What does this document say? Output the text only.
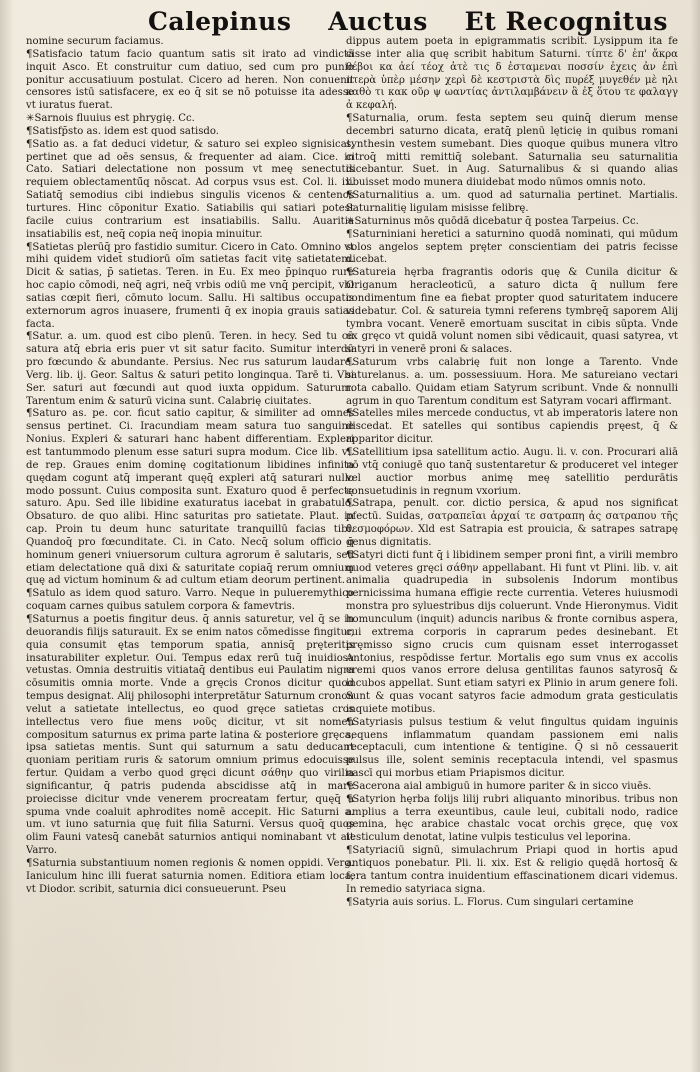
Calepinus Auctus Et Recognitus

nomine securum faciamus.

¶Satisfacio tatum facio quantum satis sit irato ad vindictā inquit Asco. Et construitur cum datiuo, sed cum pro punio ponitur accusatiuum postulat. Cicero ad heren. Non conuenit censores istū satisfacere, ex eo q̄ sit se nō potuisse ita adesse vt iuratus fuerat.

✳Sarnois fluuius est phrygię. Cc.

¶Satisfp̄sto as. idem est quod satisdo.

¶Satio as. a fat deduci videtur, & saturo sei expleo signisicat, pertinet que ad oēs sensus, & frequenter ad aiam. Cice. in Cato. Satiari delectatione non possum vt meę senectutis requiem oblectamentū̄q nōscat. Ad corpus vsus est. Col. li. ix. Satiatq̄ semodius cibi indiebus singulis vicenos & centenos turtures. Hinc cōponitur Exatio. Satiabilis qui satiari potest facile cuius contrarium est insatiabilis. Sallu. Auaritia insatiabilis est, neq̄ copia neq̄ inopia minuitur.

¶Satietas plerūq̄ pro fastidio sumitur. Cicero in Cato. Omnino vt mihi quidem videt̄ studiorū oīm satietas facit vitę satietatem. Dicit & satias, p̄ satietas. Teren. in Eu. Ex meo p̄pinquo rure hoc capio cōmodi, neq̄ agri, neq̄ vrbis odiū me vnq̄ percipit, vbi satias cœpit fieri, cōmuto locum. Sallu. Hi saltibus occupatis externorum agros inuasere, frumenti q̄ ex inopia grauis satias facta.

¶Satur. a. um. quod est cibo plenū. Teren. in hecy. Sed tu cū satura atq̄ ebria eris puer vt sit satur facito. Sumitur interdū pro fœcundo & abundante. Persius. Nec rus saturum laudare. Verg. lib. ij. Geor. Saltus & saturi petito longinqua. Tarē ti. Vbi Ser. saturi aut fœcundi aut quod iuxta oppidum. Saturum. Tarentum enim & saturū vicina sunt. Calabrię ciuitates.

¶Saturo as. pe. cor. ficut satio capitur, & similiter ad omnes sensus pertinet. Ci. Iracundiam meam satura tuo sanguine Nonius. Expleri & saturari hanc habent differentiam. Expleri est tantummodo plenum esse saturi supra modum. Cice lib. vi. de rep. Graues enim dominę cogitationum libidines infinita quędam cogunt atq̄ imperant quęq̄ expleri atq̄ saturari nullo modo possunt. Cuius composita sunt. Exaturo quod ē perfectę saturo. Apu. Sed ille libidine exaturatus iacebat in grabatulo. Obsaturo. de quo alibi. Hinc saturitas pro satietate. Plaut. in cap. Proin tu deum hunc saturitate tranquillū facias tibi. Quandoq̄ pro fœcunditate. Ci. in Cato. Necq̄ solum officio q̄ hominum generi vniuersorum cultura agrorum ē salutaris, sed etiam delectatione quā dixi & saturitate copiaq̄ rerum omnium quę ad victum hominum & ad cultum etiam deorum pertinent.

¶Satulo as idem quod saturo. Varro. Neque in pulueremythico coquam carnes quibus satulem corpora & famevtris.

¶Saturnus a poetis fingitur deus. q̄ annis saturetur, vel q̄ se in deuorandis filijs saturauit. Ex se enim natos cōmedisse fingitur, quia consumit ętas temporum spatia, annisq̄ pręteritis insaturabiliter expletur. Oui. Tempus edax rerū tuq̄ inuidiosa vetustas. Omnia destruitis vitiataq̄ dentibus eui Paulatim nigra cōsumitis omnia morte. Vnde a gręcis Cronos dicitur quod tempus designat. Alij philosophi interpretātur Saturnum cronon velut a satietate intellectus, eo quod gręce satietas cros intellectus vero fiue mens νοῦς dicitur, vt sit nomen compositum saturnus ex prima parte latina & posteriore gręca, ipsa satietas mentis. Sunt qui saturnum a satu deducant quoniam peritiam ruris & satorum omnium primus edocuisse fertur. Quidam a verbo quod gręci dicunt σάθην quo virilia significantur, q̄ patris pudenda abscidisse atq̄ in mare proiecisse dicitur vnde venerem procreatam fertur, quęq̄ a spuma vnde coaluit aphrodites nomē accepit. Hic Saturni a. um. vt iuno saturnia quę fuit filia Saturni. Versus quoq̄ quos olim Fauni vatesq̄ canebāt saturnios antiqui nominabant vt ait Varro.

¶Saturnia substantiuum nomen regionis & nomen oppidi. Verg. Ianiculum hinc illi fuerat saturnia nomen. Editiora etiam loca, vt Diodor. scribit, saturnia dici consueuerunt. Pseu

dippus autem poeta in epigrammatis scribit. Lysippum ita fe cisse inter alia quę scribit habitum Saturni. τίπτε δ' ἐπ' ἄκρα θέβοι κα ἀεί τέοχ ἀτὲ τις δ ἐσταμεναι ποσσίν ἐχεις ἀν ἐπὶ πτερὰ ὑπὲρ μέσην χερὶ δὲ κεστριστὰ δὶς πυρέξ μυγεθέν μὲ ηλι καθὸ τι κακ οῦρ ψ ωαντίας ἀντιλαμβάνειν ἃ ἐξ ὅτου τε φαλαγγ ἀ κεφαλή.

¶Saturnalia, orum. festa septem seu quinq̄ dierum mense decembri saturno dicata, eratq̄ plenū lęticię in quibus romani synthesin vestem sumebant. Dies quoque quibus munera vltro citroq̄ mitti remittiq̄ solebant. Saturnalia seu saturnalitia dicebantur. Suet. in Aug. Saturnalibus & si quando alias libuisset modo munera diuidebat modo nūmos omnis noto.

¶Saturnalitius a. um. quod ad saturnalia pertinet. Martialis. Saturnalitię ligulam misisse felibrę.

✳Saturninus mōs quōdā dicebatur q̄ postea Tarpeius. Cc.

¶Saturniniani heretici a saturnino quodā nominati, qui mūdum solos angelos septem pręter conscientiam dei patris fecisse dicebat.

¶Satureia hęrba fragrantis odoris quę & Cunila dicitur & Origanum heracleoticū, a saturo dicta q̄ nullum fere condimentum fine ea fiebat propter quod saturitatem inducere videbatur. Col. & satureia tymni referens tymbręq̄ saporem Alij tymbra vocant. Venerē emortuam suscitat in cibis sūpta. Vnde ex gręco vt quidā volunt nomen sibi vēdicauit, quasi satyrea, vt satyri in venerē proni & salaces.

¶Saturum vrbs calabrię fuit non longe a Tarento. Vnde saturelanus. a. um. possessiuum. Hora. Me satureiano vectari rota caballo. Quidam etiam Satyrum scribunt. Vnde & nonnulli agrum in quo Tarentum conditum est Satyram vocari affirmant.

¶Satelles miles mercede conductus, vt ab imperatoris latere non discedat. Et satelles qui sontibus capiendis pręest, q̄ & apparitor dicitur.

¶Satellitium ipsa satellitum actio. Augu. li. v. con. Procurari aliā nō vtq̄ coniugē quo tanq̄ sustentaretur & produceret vel integer vel auctior morbus animę meę satellitio perdurātis consuetudinis in regnum vxorium.

¶Satrapa, penult. cor. dictio persica, & apud nos significat pfectū. Suidas, σατραπεῖαι ἀρχαί τε σατραπη ἀς σατραπου τῆς θεσμοφόρων. Xld est Satrapia est prouicia, & satrapes satrapę genus dignitatis.

¶Satyri dicti funt q̄ i libidinem semper proni fint, a virili membro quod veteres gręci σάθην appellabant. Hi funt vt Plini. lib. v. ait animalia quadrupedia in subsolenis Indorum montibus pernicissima humana effigie recte currentia. Veteres huiusmodi monstra pro syluestribus dijs coluerunt. Vnde Hieronymus. Vidit homunculum (inquit) aduncis naribus & fronte cornibus aspera, cui extrema corporis in caprarum pedes desinebant. Et pręmisso signo crucis cum quisnam esset interrogasset Antonius, respōdisse fertur. Mortalis ego sum vnus ex accolis eremi quos vanos errore delusa gentilitas faunos satyrosq̄ & incubos appellat. Sunt etiam satyri ex Plinio in arum genere foli. Sunt & quas vocant satyros facie admodum grata gesticulatis inquiete motibus.

¶Satyriasis pulsus testium & velut fingultus quidam inguinis sequens inflammatum quandam passionem emi nalis receptaculi, cum intentione & tentigine. Q̄ si nō cessauerit pulsus ille, solent seminis receptacula intendi, vel spasmus nascī qui morbus etiam Priapismos dicitur.

¶Sacerona aial ambiguū in humore pariter & in sicco viuēs.

¶Satyrion hęrba folijs lilij rubri aliquanto minoribus. tribus non amplius a terra exeuntibus, caule leui, cubitali nodo, radice gemina, hęc arabice chastalc vocat orchis gręce, quę vox testiculum denotat, latine vulpis testiculus vel leporina.

¶Satyriaciū signū, simulachrum Priapi quod in hortis apud antiquos ponebatur. Pli. li. xix. Est & religio quędā hortosq̄ & fera tantum contra inuidentium effascinationem dicari videmus. In remedio satyriaca signa.

¶Satyria auis sorius. L. Florus. Cum singulari certamine
